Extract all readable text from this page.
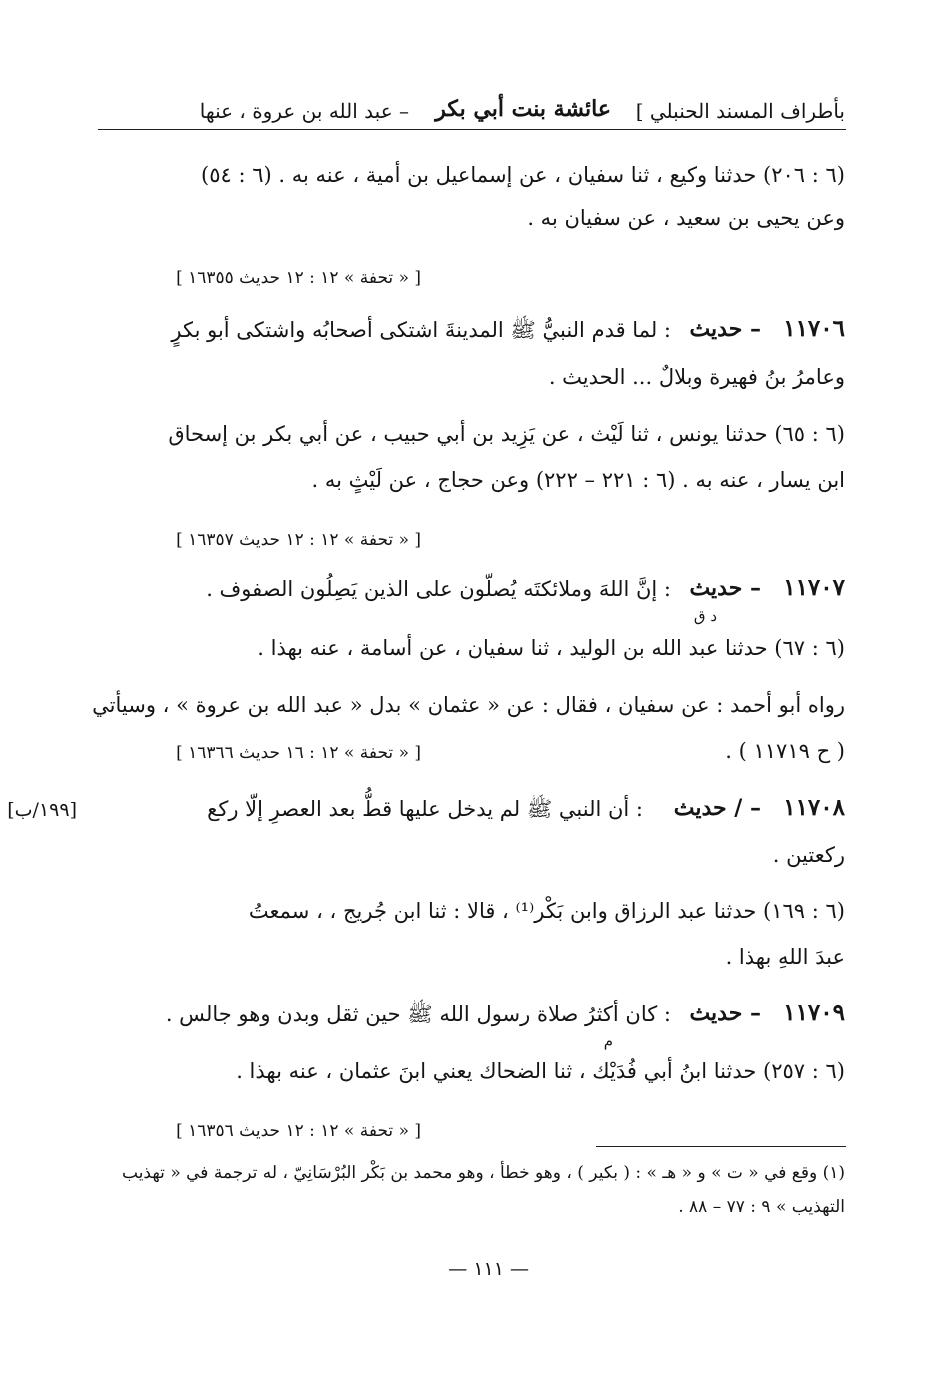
بأطراف المسند الحنبلي ]
عائشة بنت أبي بكر
– عبد الله بن عروة ، عنها
(٦ : ٢٠٦) حدثنا وكيع ، ثنا سفيان ، عن إسماعيل بن أمية ، عنه به . (٦ : ٥٤)
وعن يحيى بن سعيد ، عن سفيان به .
[ « تحفة » ١٢ : ١٢ حديث ١٦٣٥٥ ]
١١٧٠٦
– حديث
: لما قدم النبيُّ ﷺ المدينةَ اشتكى أصحابُه واشتكى أبو بكرٍ
وعامرُ بنُ فهيرة وبلالٌ ... الحديث .
(٦ : ٦٥) حدثنا يونس ، ثنا لَيْث ، عن يَزِيد بن أبي حبيب ، عن أبي بكر بن إسحاق
ابن يسار ، عنه به . (٦ : ٢٢١ – ٢٢٢) وعن حجاج ، عن لَيْثٍ به .
[ « تحفة » ١٢ : ١٢ حديث ١٦٣٥٧ ]
١١٧٠٧
– حديث
: إنَّ اللهَ وملائكتَه يُصلّون على الذين يَصِلُون الصفوف .
د ق
(٦ : ٦٧) حدثنا عبد الله بن الوليد ، ثنا سفيان ، عن أسامة ، عنه بهذا .
رواه أبو أحمد : عن سفيان ، فقال : عن « عثمان » بدل « عبد الله بن عروة » ، وسيأتي
( ح ١١٧١٩ ) .
[ « تحفة » ١٢ : ١٦ حديث ١٦٣٦٦ ]
١١٧٠٨
– / حديث
: أن النبي ﷺ لم يدخل عليها قطُّ بعد العصرِ إلّا ركع
[١٩٩/ب]
ركعتين .
(٦ : ١٦٩) حدثنا عبد الرزاق وابن بَكْر⁽¹⁾ ، قالا : ثنا ابن جُريج ، ، سمعتُ
عبدَ اللهِ بهذا .
١١٧٠٩
– حديث
: كان أكثرُ صلاة رسول الله ﷺ حين ثقل وبدن وهو جالس .
م
(٦ : ٢٥٧) حدثنا ابنُ أبي فُدَيْك ، ثنا الضحاك يعني ابنَ عثمان ، عنه بهذا .
[ « تحفة » ١٢ : ١٢ حديث ١٦٣٥٦ ]
(١) وقع في « ت » و « هـ » : ( بكير ) ، وهو خطأ ، وهو محمد بن بَكْر البُرْسَانِيّ ، له ترجمة في « تهذيب
التهذيب » ٩ : ٧٧ – ٨٨ .
— ١١١ —
